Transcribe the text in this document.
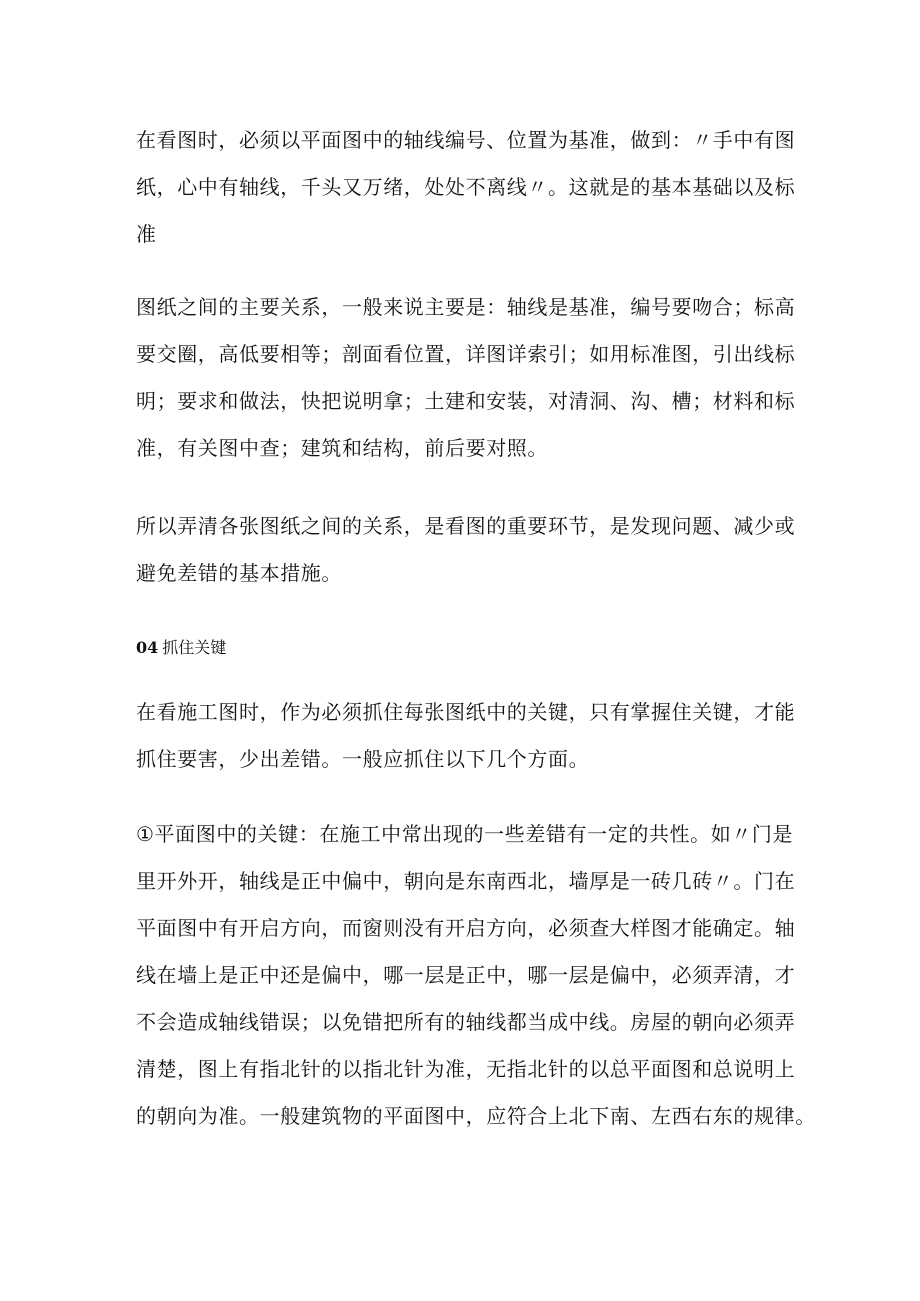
在看图时，必须以平面图中的轴线编号、位置为基准，做到：〃手中有图
纸，心中有轴线，千头又万绪，处处不离线〃。这就是的基本基础以及标
准

图纸之间的主要关系，一般来说主要是：轴线是基准，编号要吻合；标高
要交圈，高低要相等；剖面看位置，详图详索引；如用标准图，引出线标
明；要求和做法，快把说明拿；土建和安装，对清洞、沟、槽；材料和标
准，有关图中查；建筑和结构，前后要对照。

所以弄清各张图纸之间的关系，是看图的重要环节，是发现问题、减少或
避免差错的基本措施。

04 抓住关键

在看施工图时，作为必须抓住每张图纸中的关键，只有掌握住关键，才能
抓住要害，少出差错。一般应抓住以下几个方面。

①平面图中的关键：在施工中常出现的一些差错有一定的共性。如〃门是
里开外开，轴线是正中偏中，朝向是东南西北，墙厚是一砖几砖〃。门在
平面图中有开启方向，而窗则没有开启方向，必须查大样图才能确定。轴
线在墙上是正中还是偏中，哪一层是正中，哪一层是偏中，必须弄清，才
不会造成轴线错误；以免错把所有的轴线都当成中线。房屋的朝向必须弄
清楚，图上有指北针的以指北针为准，无指北针的以总平面图和总说明上
的朝向为准。一般建筑物的平面图中，应符合上北下南、左西右东的规律。
